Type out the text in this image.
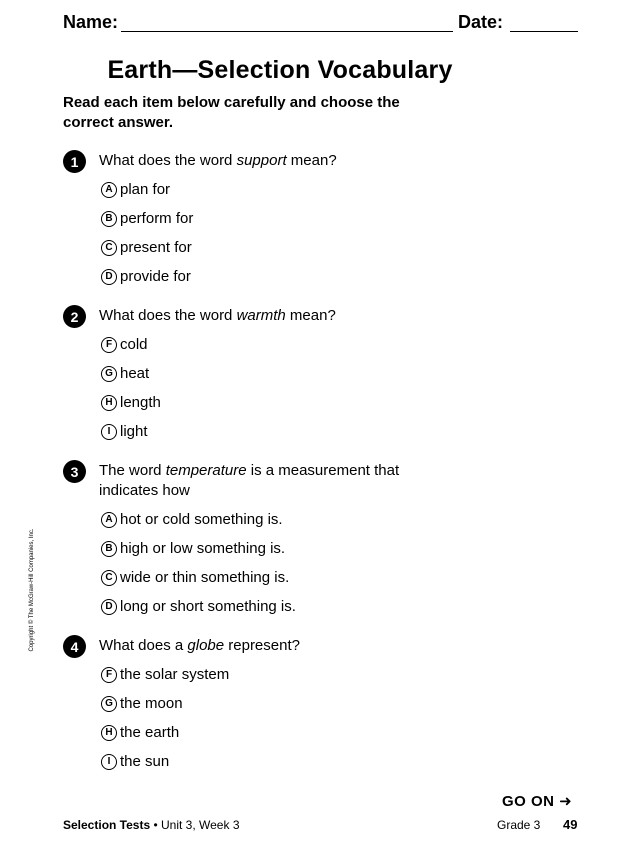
Name:	Date:
Earth—Selection Vocabulary
Read each item below carefully and choose the correct answer.
1	What does the word support mean?
A plan for
B perform for
C present for
D provide for
2	What does the word warmth mean?
F cold
G heat
H length
I light
3	The word temperature is a measurement that indicates how
A hot or cold something is.
B high or low something is.
C wide or thin something is.
D long or short something is.
4	What does a globe represent?
F the solar system
G the moon
H the earth
I the sun
Copyright © The McGraw-Hill Companies, Inc.
GO ON ➜
Selection Tests • Unit 3, Week 3	Grade 3 49
